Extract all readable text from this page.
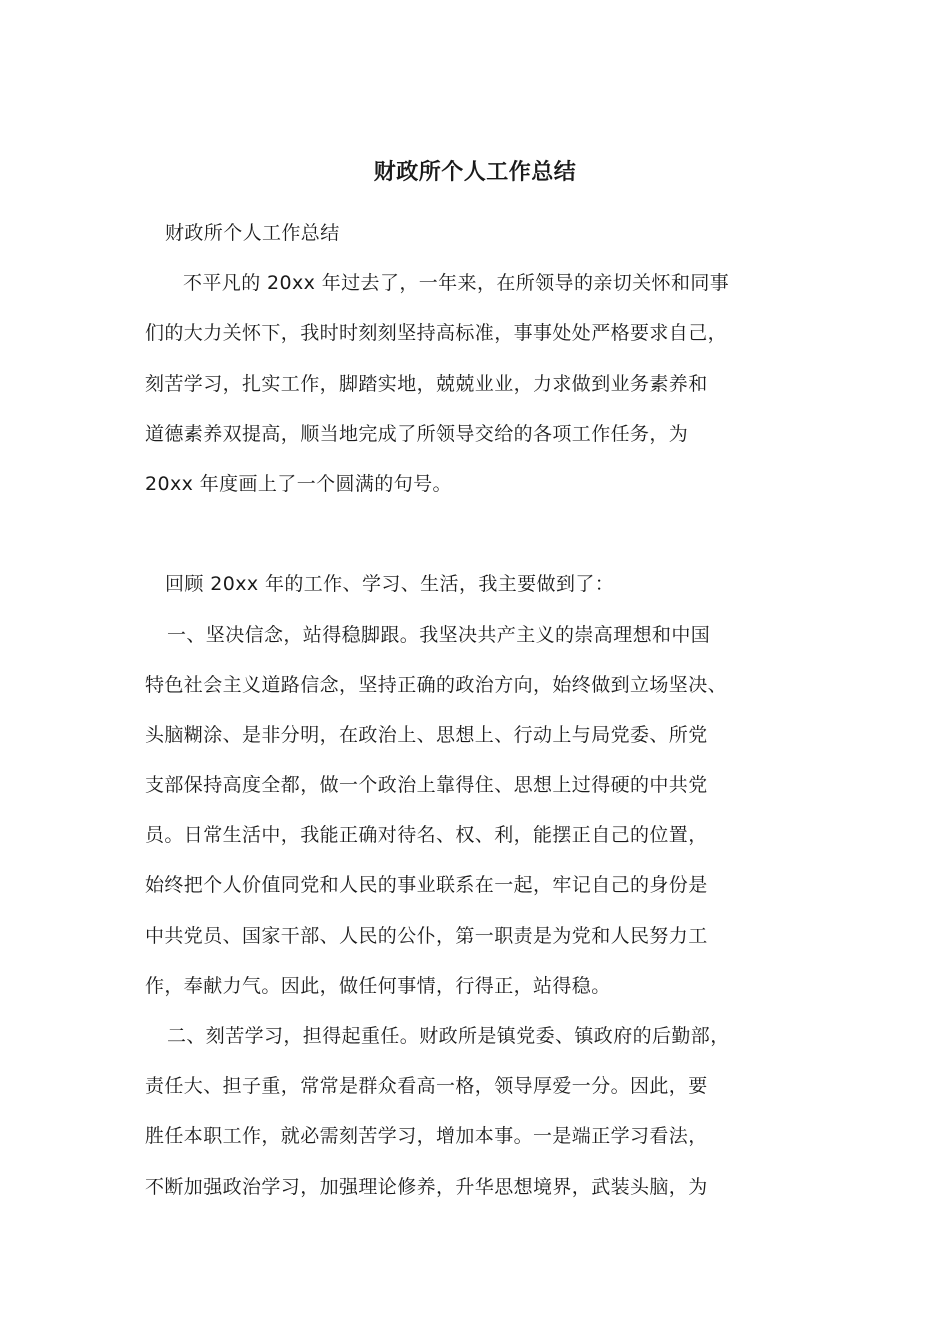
财政所个人工作总结
财政所个人工作总结
不平凡的 20xx 年过去了，一年来，在所领导的亲切关怀和同事
们的大力关怀下，我时时刻刻坚持高标准，事事处处严格要求自己，
刻苦学习，扎实工作，脚踏实地，兢兢业业，力求做到业务素养和
道德素养双提高，顺当地完成了所领导交给的各项工作任务，为
20xx 年度画上了一个圆满的句号。
回顾 20xx 年的工作、学习、生活，我主要做到了：
一、坚决信念，站得稳脚跟。我坚决共产主义的崇高理想和中国
特色社会主义道路信念，坚持正确的政治方向，始终做到立场坚决、
头脑糊涂、是非分明，在政治上、思想上、行动上与局党委、所党
支部保持高度全都，做一个政治上靠得住、思想上过得硬的中共党
员。日常生活中，我能正确对待名、权、利，能摆正自己的位置，
始终把个人价值同党和人民的事业联系在一起，牢记自己的身份是
中共党员、国家干部、人民的公仆，第一职责是为党和人民努力工
作，奉献力气。因此，做任何事情，行得正，站得稳。
二、刻苦学习，担得起重任。财政所是镇党委、镇政府的后勤部，
责任大、担子重，常常是群众看高一格，领导厚爱一分。因此，要
胜任本职工作，就必需刻苦学习，增加本事。一是端正学习看法，
不断加强政治学习，加强理论修养，升华思想境界，武装头脑，为
